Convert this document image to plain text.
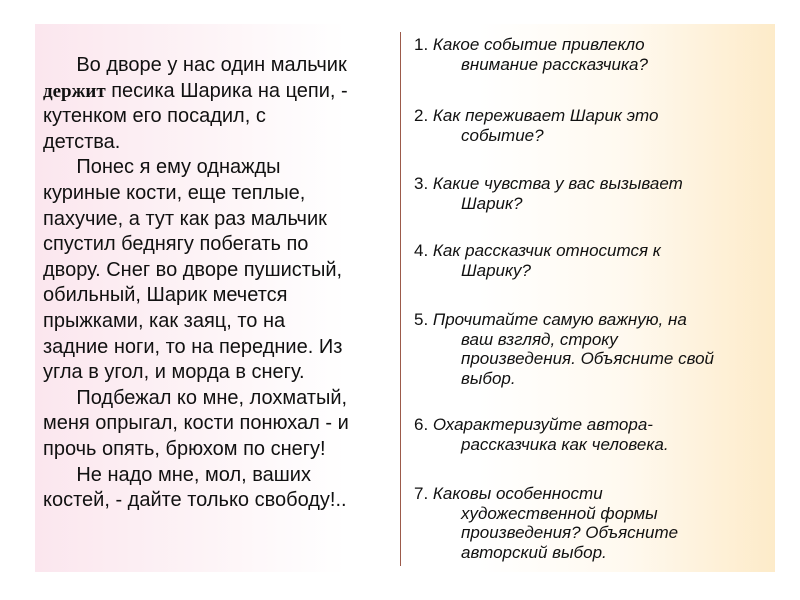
Во дворе у нас один мальчик

держит песика Шарика на цепи, -

кутенком его посадил, с

детства.

Понес я ему однажды

куриные кости, еще теплые,

пахучие, а тут как раз мальчик

спустил беднягу побегать по

двору. Снег во дворе пушистый,

обильный, Шарик мечется

прыжками, как заяц, то на

задние ноги, то на передние. Из

угла в угол, и морда в снегу.

Подбежал ко мне, лохматый,

меня опрыгал, кости понюхал - и

прочь опять, брюхом по снегу!

Не надо мне, мол, ваших

костей, - дайте только свободу!..

1. Какое событие привлекло
внимание рассказчика?
2. Как переживает Шарик это
событие?
3. Какие чувства у вас вызывает
Шарик?
4. Как рассказчик относится к
Шарику?
5. Прочитайте самую важную, на
ваш взгляд, строку
произведения. Объясните свой
выбор.
6. Охарактеризуйте автора-
рассказчика как человека.
7. Каковы особенности
художественной формы
произведения? Объясните
авторский выбор.
